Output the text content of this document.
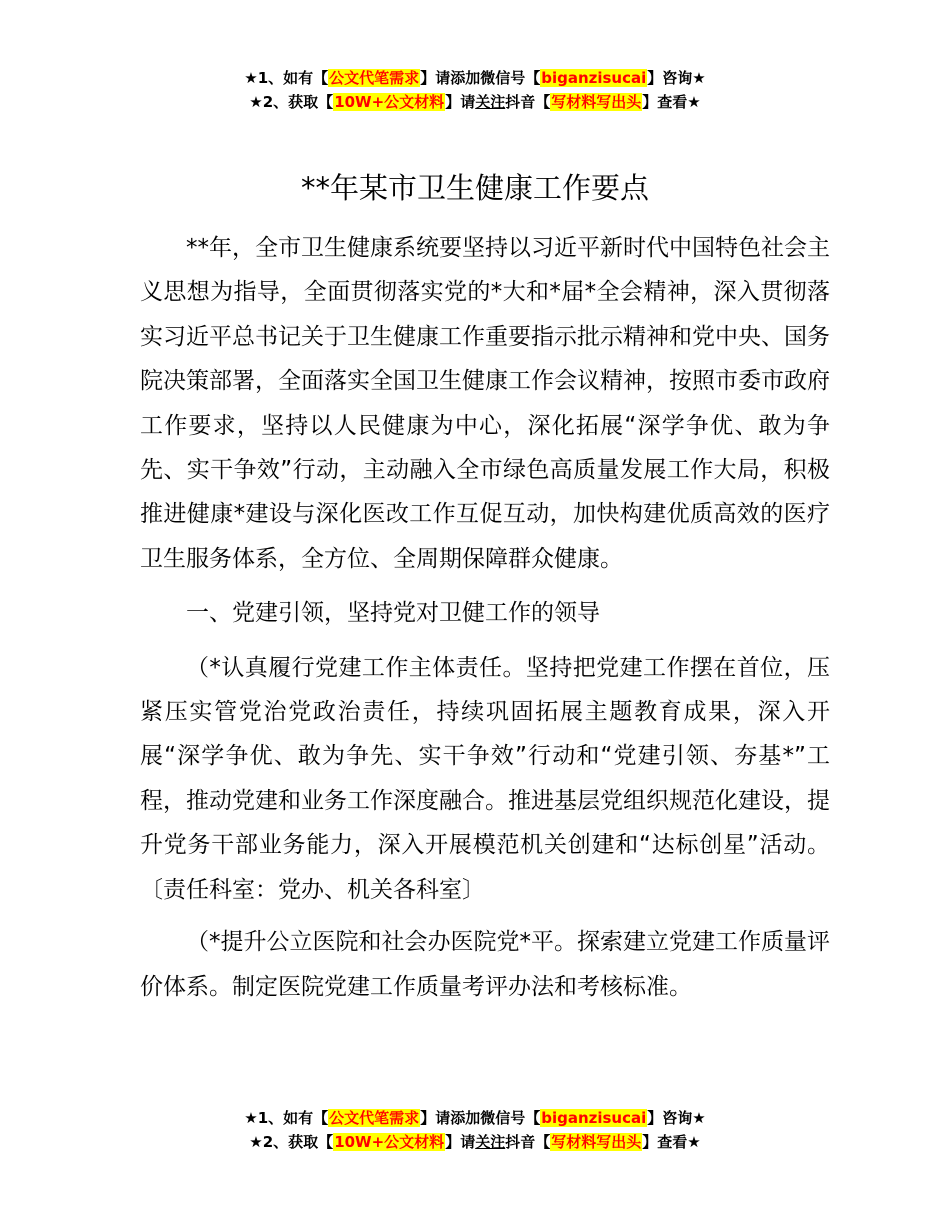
★1、如有【公文代笔需求】请添加微信号【biganzisucai】咨询★
★2、获取【10W+公文材料】请关注抖音【写材料写出头】查看★
**年某市卫生健康工作要点

**年，全市卫生健康系统要坚持以习近平新时代中国特色社会主义思想为指导，全面贯彻落实党的*大和*届*全会精神，深入贯彻落实习近平总书记关于卫生健康工作重要指示批示精神和党中央、国务院决策部署，全面落实全国卫生健康工作会议精神，按照市委市政府工作要求，坚持以人民健康为中心，深化拓展“深学争优、敢为争先、实干争效”行动，主动融入全市绿色高质量发展工作大局，积极推进健康*建设与深化医改工作互促互动，加快构建优质高效的医疗卫生服务体系，全方位、全周期保障群众健康。

一、党建引领，坚持党对卫健工作的领导

（*认真履行党建工作主体责任。坚持把党建工作摆在首位，压紧压实管党治党政治责任，持续巩固拓展主题教育成果，深入开展“深学争优、敢为争先、实干争效”行动和“党建引领、夯基*”工程，推动党建和业务工作深度融合。推进基层党组织规范化建设，提升党务干部业务能力，深入开展模范机关创建和“达标创星”活动。〔责任科室：党办、机关各科室〕

（*提升公立医院和社会办医院党*平。探索建立党建工作质量评价体系。制定医院党建工作质量考评办法和考核标准。

★1、如有【公文代笔需求】请添加微信号【biganzisucai】咨询★
★2、获取【10W+公文材料】请关注抖音【写材料写出头】查看★
